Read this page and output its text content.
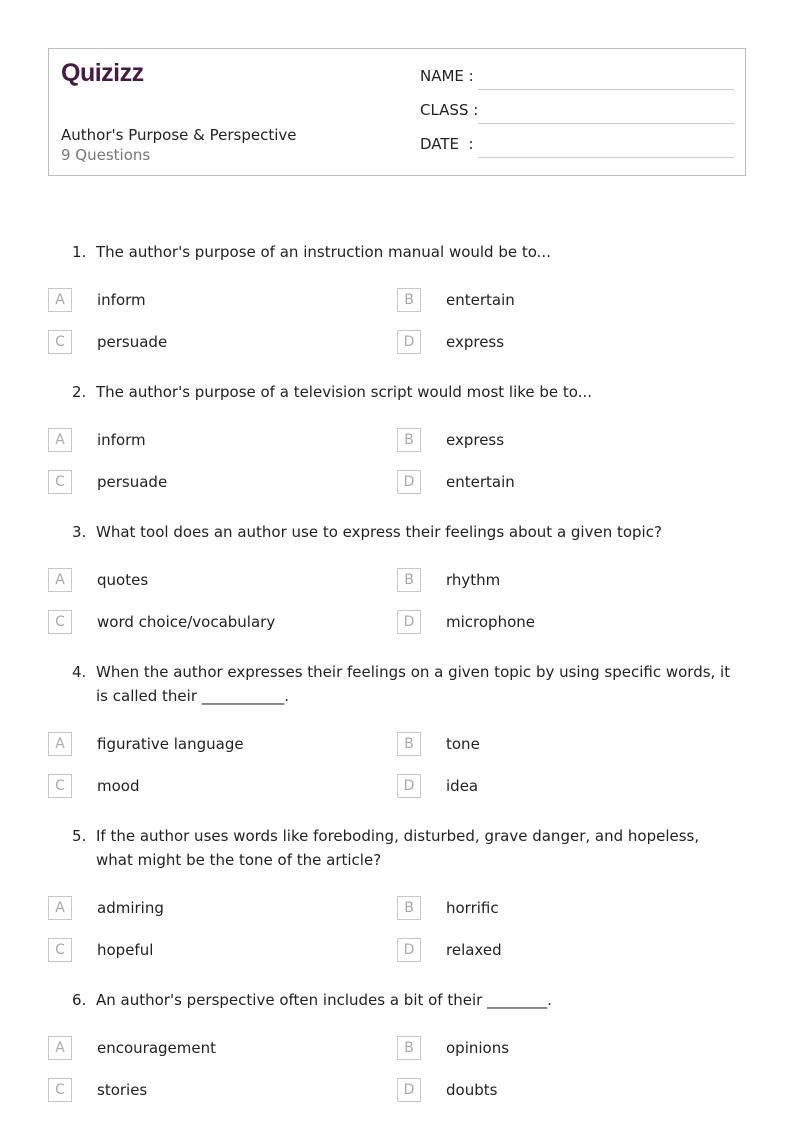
Quizizz
Author's Purpose & Perspective
9 Questions
NAME :
CLASS :
DATE  :
1. The author's purpose of an instruction manual would be to...
A	inform	B	entertain
C	persuade	D	express
2. The author's purpose of a television script would most like be to...
A	inform	B	express
C	persuade	D	entertain
3. What tool does an author use to express their feelings about a given topic?
A	quotes	B	rhythm
C	word choice/vocabulary	D	microphone
4. When the author expresses their feelings on a given topic by using specific words, it is called their ___________.
A	figurative language	B	tone
C	mood	D	idea
5. If the author uses words like foreboding, disturbed, grave danger, and hopeless, what might be the tone of the article?
A	admiring	B	horrific
C	hopeful	D	relaxed
6. An author's perspective often includes a bit of their ________.
A	encouragement	B	opinions
C	stories	D	doubts
